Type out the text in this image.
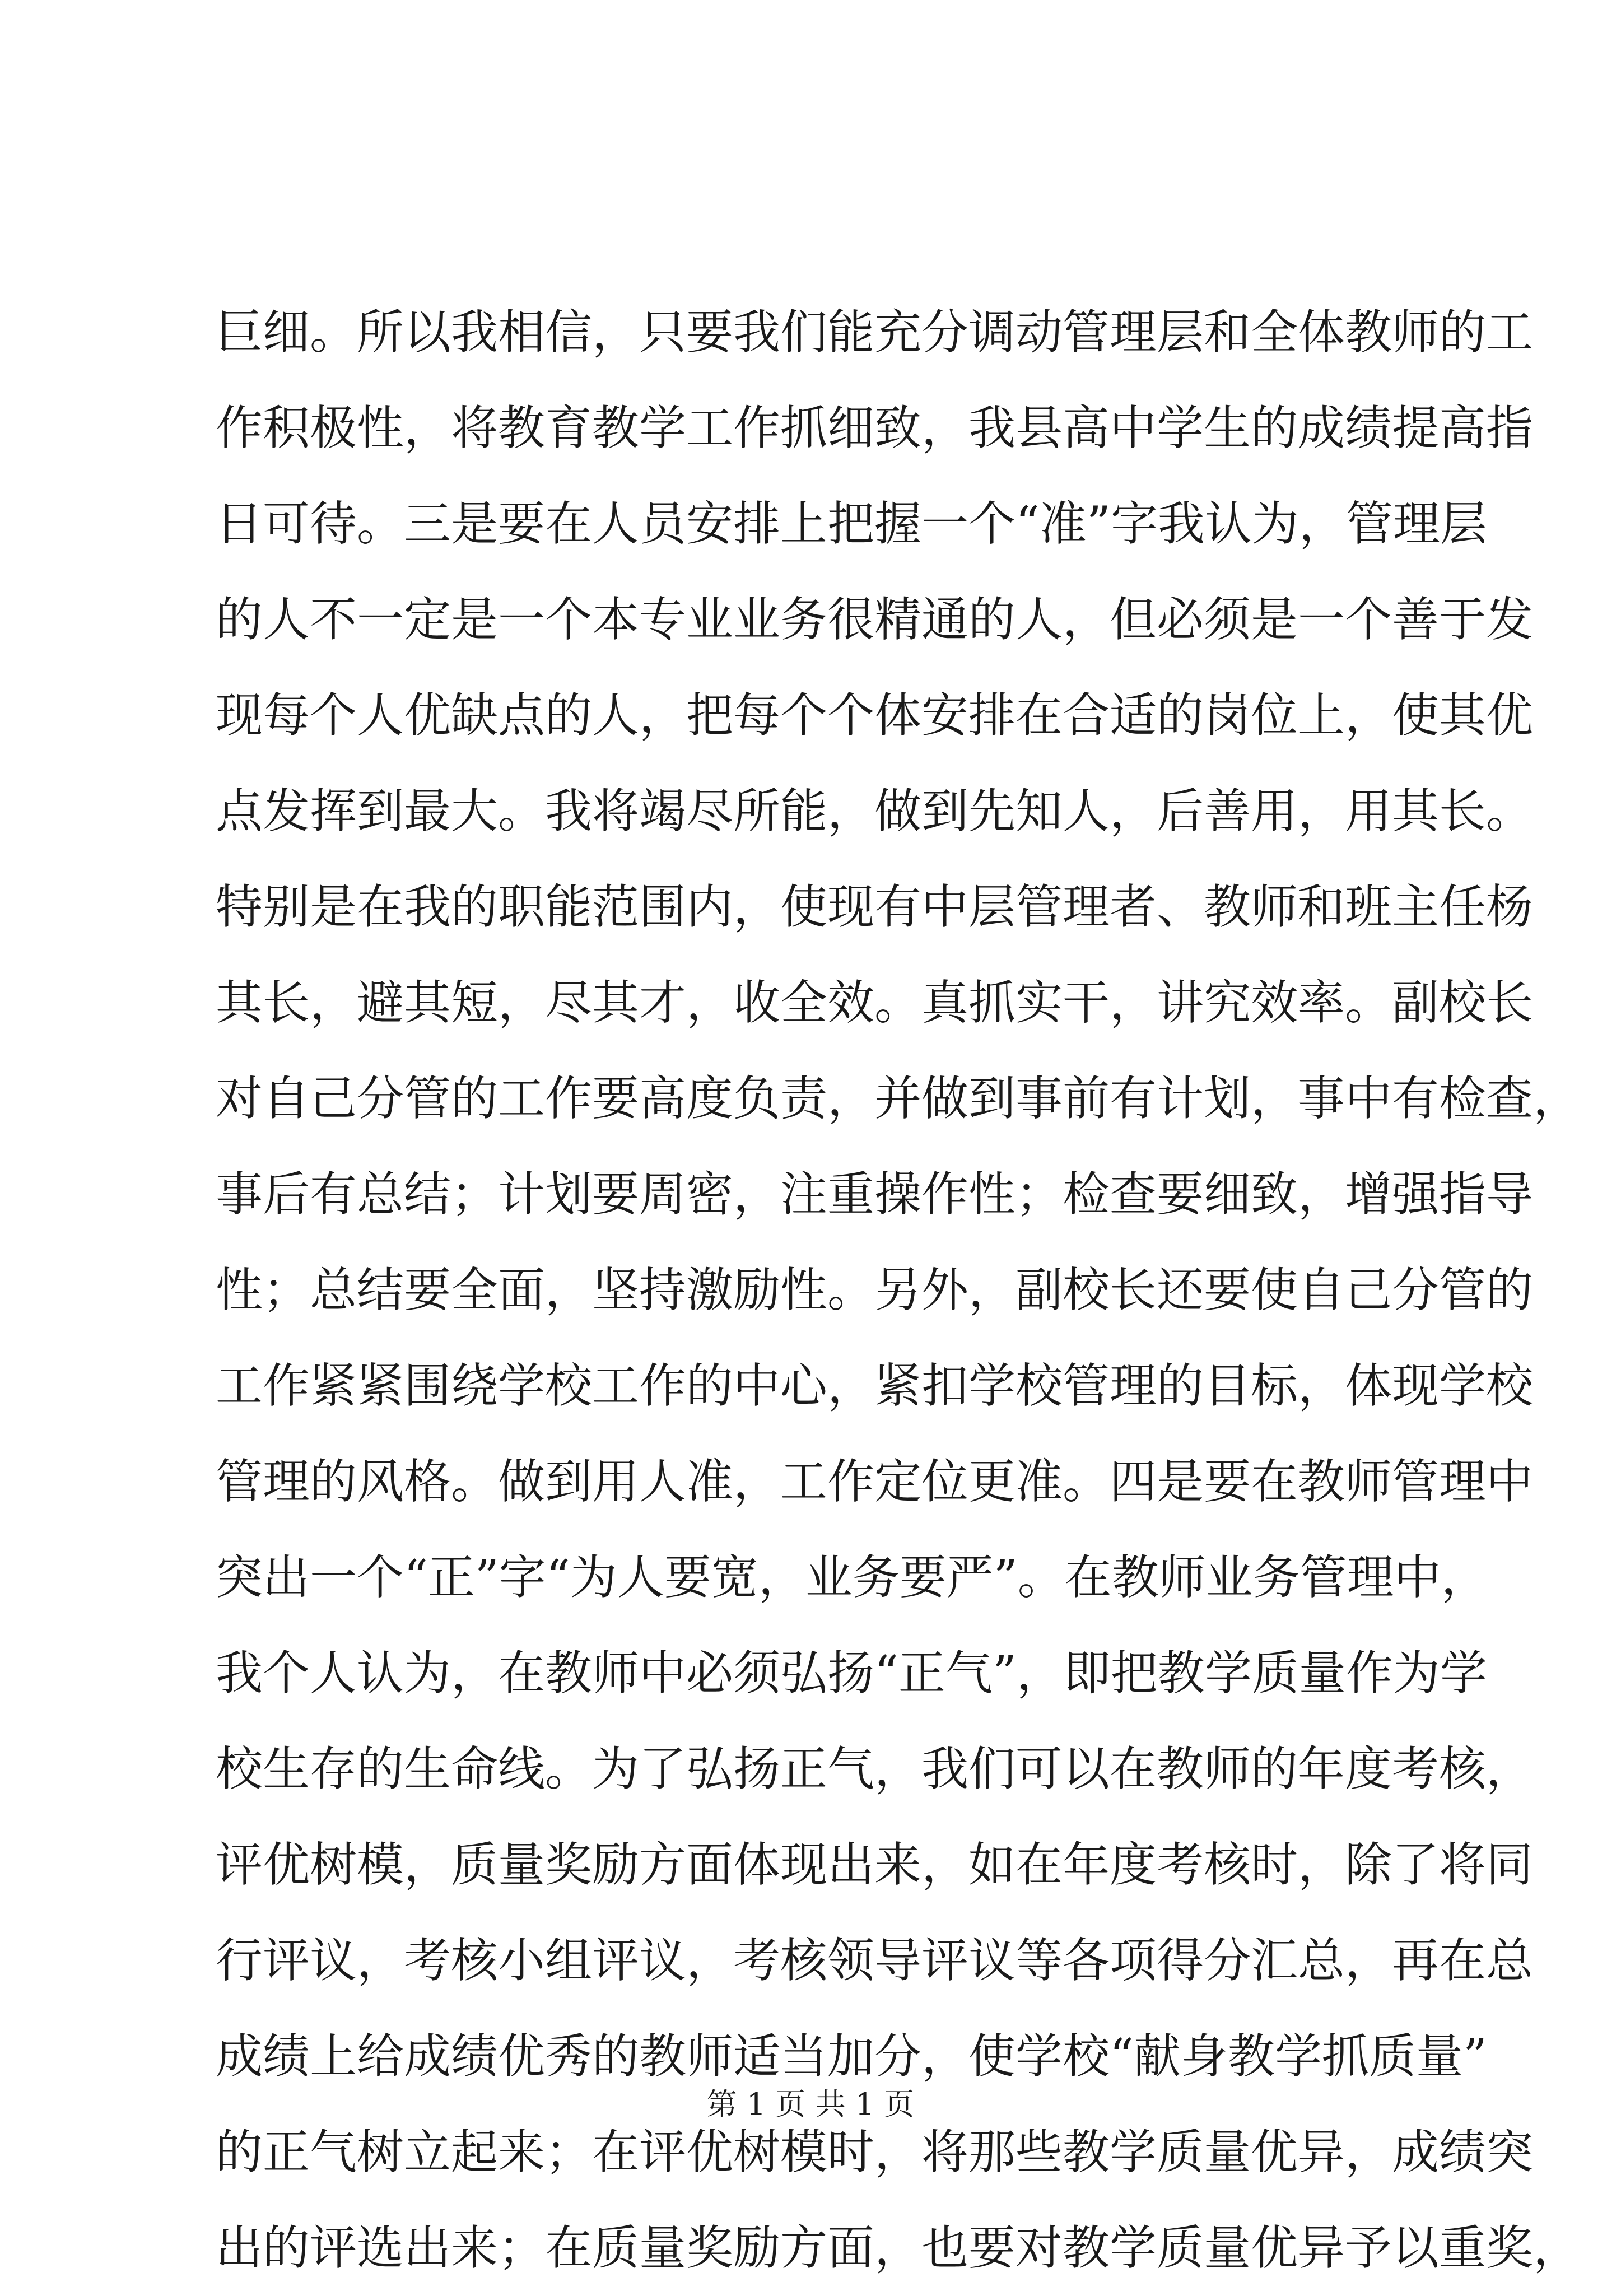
巨细。所以我相信，只要我们能充分调动管理层和全体教师的工
作积极性，将教育教学工作抓细致，我县高中学生的成绩提高指
日可待。三是要在人员安排上把握一个“准”字我认为，管理层
的人不一定是一个本专业业务很精通的人，但必须是一个善于发
现每个人优缺点的人，把每个个体安排在合适的岗位上，使其优
点发挥到最大。我将竭尽所能，做到先知人，后善用，用其长。
特别是在我的职能范围内，使现有中层管理者、教师和班主任杨
其长，避其短，尽其才，收全效。真抓实干，讲究效率。副校长
对自己分管的工作要高度负责，并做到事前有计划，事中有检查，
事后有总结；计划要周密，注重操作性；检查要细致，增强指导
性；总结要全面，坚持激励性。另外，副校长还要使自己分管的
工作紧紧围绕学校工作的中心，紧扣学校管理的目标，体现学校
管理的风格。做到用人准，工作定位更准。四是要在教师管理中
突出一个“正”字“为人要宽，业务要严”。在教师业务管理中，
我个人认为，在教师中必须弘扬“正气”，即把教学质量作为学
校生存的生命线。为了弘扬正气，我们可以在教师的年度考核，
评优树模，质量奖励方面体现出来，如在年度考核时，除了将同
行评议，考核小组评议，考核领导评议等各项得分汇总，再在总
成绩上给成绩优秀的教师适当加分，使学校“献身教学抓质量”
的正气树立起来；在评优树模时，将那些教学质量优异，成绩突
出的评选出来；在质量奖励方面，也要对教学质量优异予以重奖，
第 1 页 共 1 页
